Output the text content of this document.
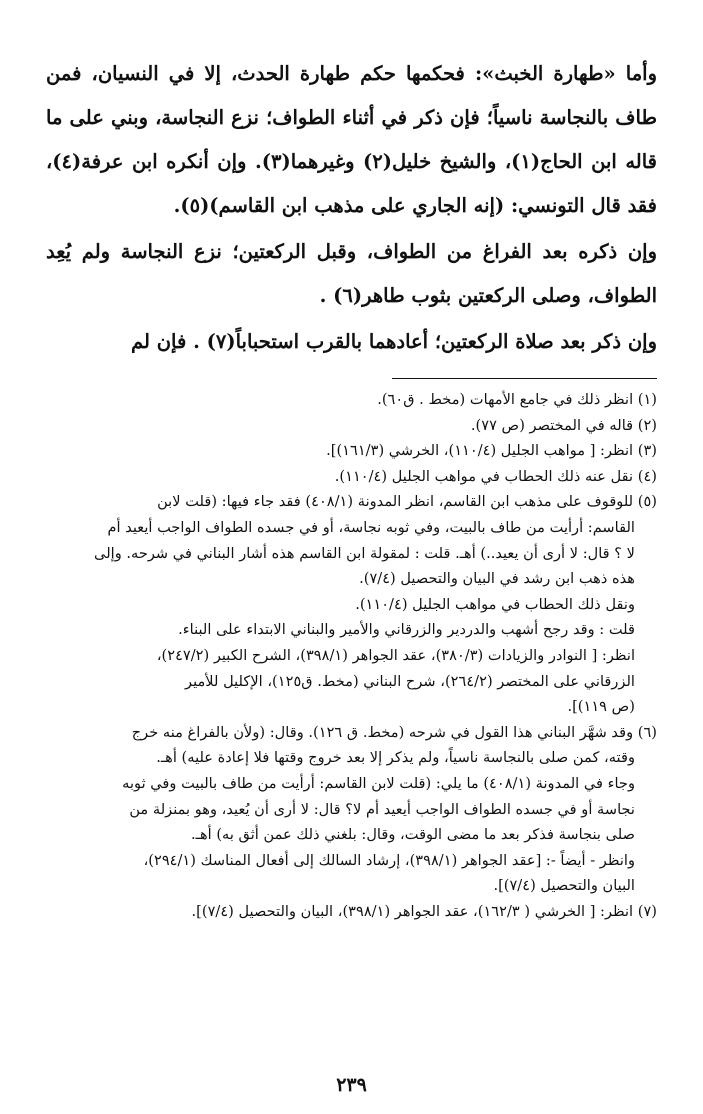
وأما «طهارة الخبث»: فحكمها حكم طهارة الحدث، إلا في النسيان، فمن طاف بالنجاسة ناسياً؛ فإن ذكر في أثناء الطواف؛ نزع النجاسة، وبني على ما قاله ابن الحاج(١)، والشيخ خليل(٢) وغيرهما(٣). وإن أنكره ابن عرفة(٤)، فقد قال التونسي: (إنه الجاري على مذهب ابن القاسم)(٥).

وإن ذكره بعد الفراغ من الطواف، وقبل الركعتين؛ نزع النجاسة ولم يُعِد الطواف، وصلى الركعتين بثوب طاهر(٦) .

وإن ذكر بعد صلاة الركعتين؛ أعادهما بالقرب استحباباً(٧) . فإن لم

(١) انظر ذلك في جامع الأمهات (مخط . ق٦٠).

(٢) قاله في المختصر (ص ٧٧).

(٣) انظر: [ مواهب الجليل (١١٠/٤)، الخرشي (١٦١/٣)].

(٤) نقل عنه ذلك الحطاب في مواهب الجليل (١١٠/٤).

(٥) للوقوف على مذهب ابن القاسم، انظر المدونة (٤٠٨/١) فقد جاء فيها: (قلت لابن

القاسم: أرأيت من طاف بالبيت، وفي ثوبه نجاسة، أو في جسده الطواف الواجب أيعيد أم

لا ؟ قال: لا أرى أن يعيد..) أهـ. قلت : لمقولة ابن القاسم هذه أشار البناني في شرحه. وإلى

هذه ذهب ابن رشد في البيان والتحصيل (٧/٤).

ونقل ذلك الحطاب في مواهب الجليل (١١٠/٤).

قلت : وقد رجح أشهب والدردير والزرقاني والأمير والبناني الابتداء على البناء.

انظر: [ النوادر والزيادات (٣٨٠/٣)، عقد الجواهر (٣٩٨/١)، الشرح الكبير (٢٤٧/٢)،

الزرقاني على المختصر (٢٦٤/٢)، شرح البناني (مخط. ق١٢٥)، الإكليل للأمير

(ص ١١٩)].

(٦) وقد شهَّر البناني هذا القول في شرحه (مخط. ق ١٢٦). وقال: (ولأن بالفراغ منه خرج

وقته، كمن صلى بالنجاسة ناسياً، ولم يذكر إلا بعد خروج وقتها فلا إعادة عليه) أهـ.

وجاء في المدونة (٤٠٨/١) ما يلي: (قلت لابن القاسم: أرأيت من طاف بالبيت وفي ثوبه

نجاسة أو في جسده الطواف الواجب أيعيد أم لا؟ قال: لا أرى أن يُعيد، وهو بمنزلة من

صلى بنجاسة فذكر بعد ما مضى الوقت، وقال: بلغني ذلك عمن أثق به) أهـ.

وانظر - أيضاً -: [عقد الجواهر (٣٩٨/١)، إرشاد السالك إلى أفعال المناسك (٢٩٤/١)،

البيان والتحصيل (٧/٤)].

(٧) انظر: [ الخرشي ( ١٦٢/٣)، عقد الجواهر (٣٩٨/١)، البيان والتحصيل (٧/٤)].

٢٣٩
